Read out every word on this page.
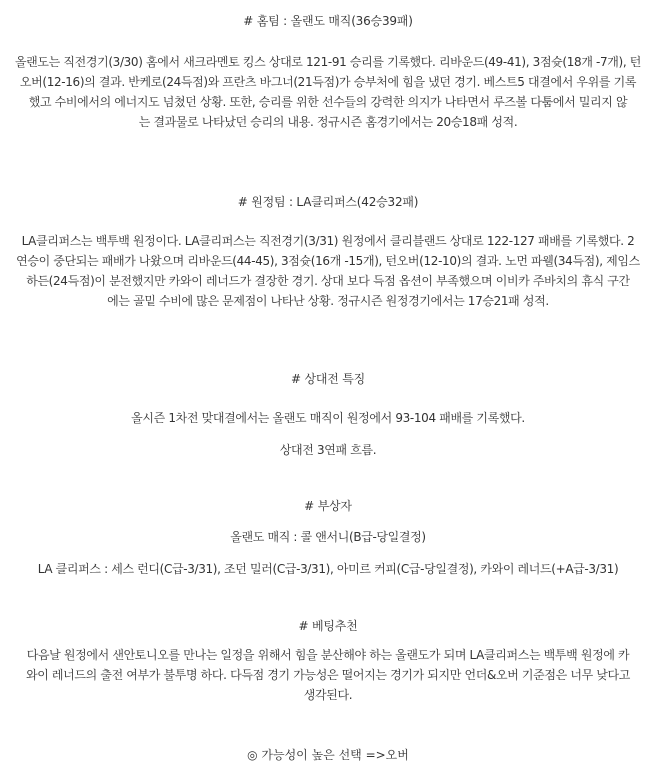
# 홈팀 : 올랜도 매직(36승39패)
올랜도는 직전경기(3/30) 홈에서 새크라멘토 킹스 상대로 121-91 승리를 기록했다. 리바운드(49-41), 3점슛(18개 -7개), 턴
오버(12-16)의 결과. 반케로(24득점)와 프란츠 바그너(21득점)가 승부처에 힘을 냈던 경기. 베스트5 대결에서 우위를 기록
했고 수비에서의 에너지도 넘쳤던 상황. 또한, 승리를 위한 선수들의 강력한 의지가 나타면서 루즈볼 다툼에서 밀리지 않
는 결과물로 나타났던 승리의 내용. 정규시즌 홈경기에서는 20승18패 성적.
# 원정팀 : LA클리퍼스(42승32패)
LA클리퍼스는 백투백 원정이다. LA클리퍼스는 직전경기(3/31) 원정에서 클리블랜드 상대로 122-127 패배를 기록했다. 2
연승이 중단되는 패배가 나왔으며 리바운드(44-45), 3점슛(16개 -15개), 턴오버(12-10)의 결과. 노먼 파웰(34득점), 제임스
하든(24득점)이 분전했지만 카와이 레너드가 결장한 경기. 상대 보다 득점 옵션이 부족했으며 이비카 주바치의 휴식 구간
에는 골밑 수비에 많은 문제점이 나타난 상황. 정규시즌 원정경기에서는 17승21패 성적.
# 상대전 특징
올시즌 1차전 맞대결에서는 올랜도 매직이 원정에서 93-104 패배를 기록했다.
상대전 3연패 흐름.
# 부상자
올랜도 매직 : 콜 앤서니(B급-당일결정)
LA 클리퍼스 : 세스 런디(C급-3/31), 조던 밀러(C급-3/31), 아미르 커피(C급-당일결정), 카와이 레너드(+A급-3/31)
# 베팅추천
다음날 원정에서 샌안토니오를 만나는 일정을 위해서 힘을 분산해야 하는 올랜도가 되며 LA클리퍼스는 백투백 원정에 카
와이 레너드의 출전 여부가 불투명 하다. 다득점 경기 가능성은 떨어지는 경기가 되지만 언더&오버 기준점은 너무 낮다고
생각된다.
◎ 가능성이 높은 선택 =>오버
